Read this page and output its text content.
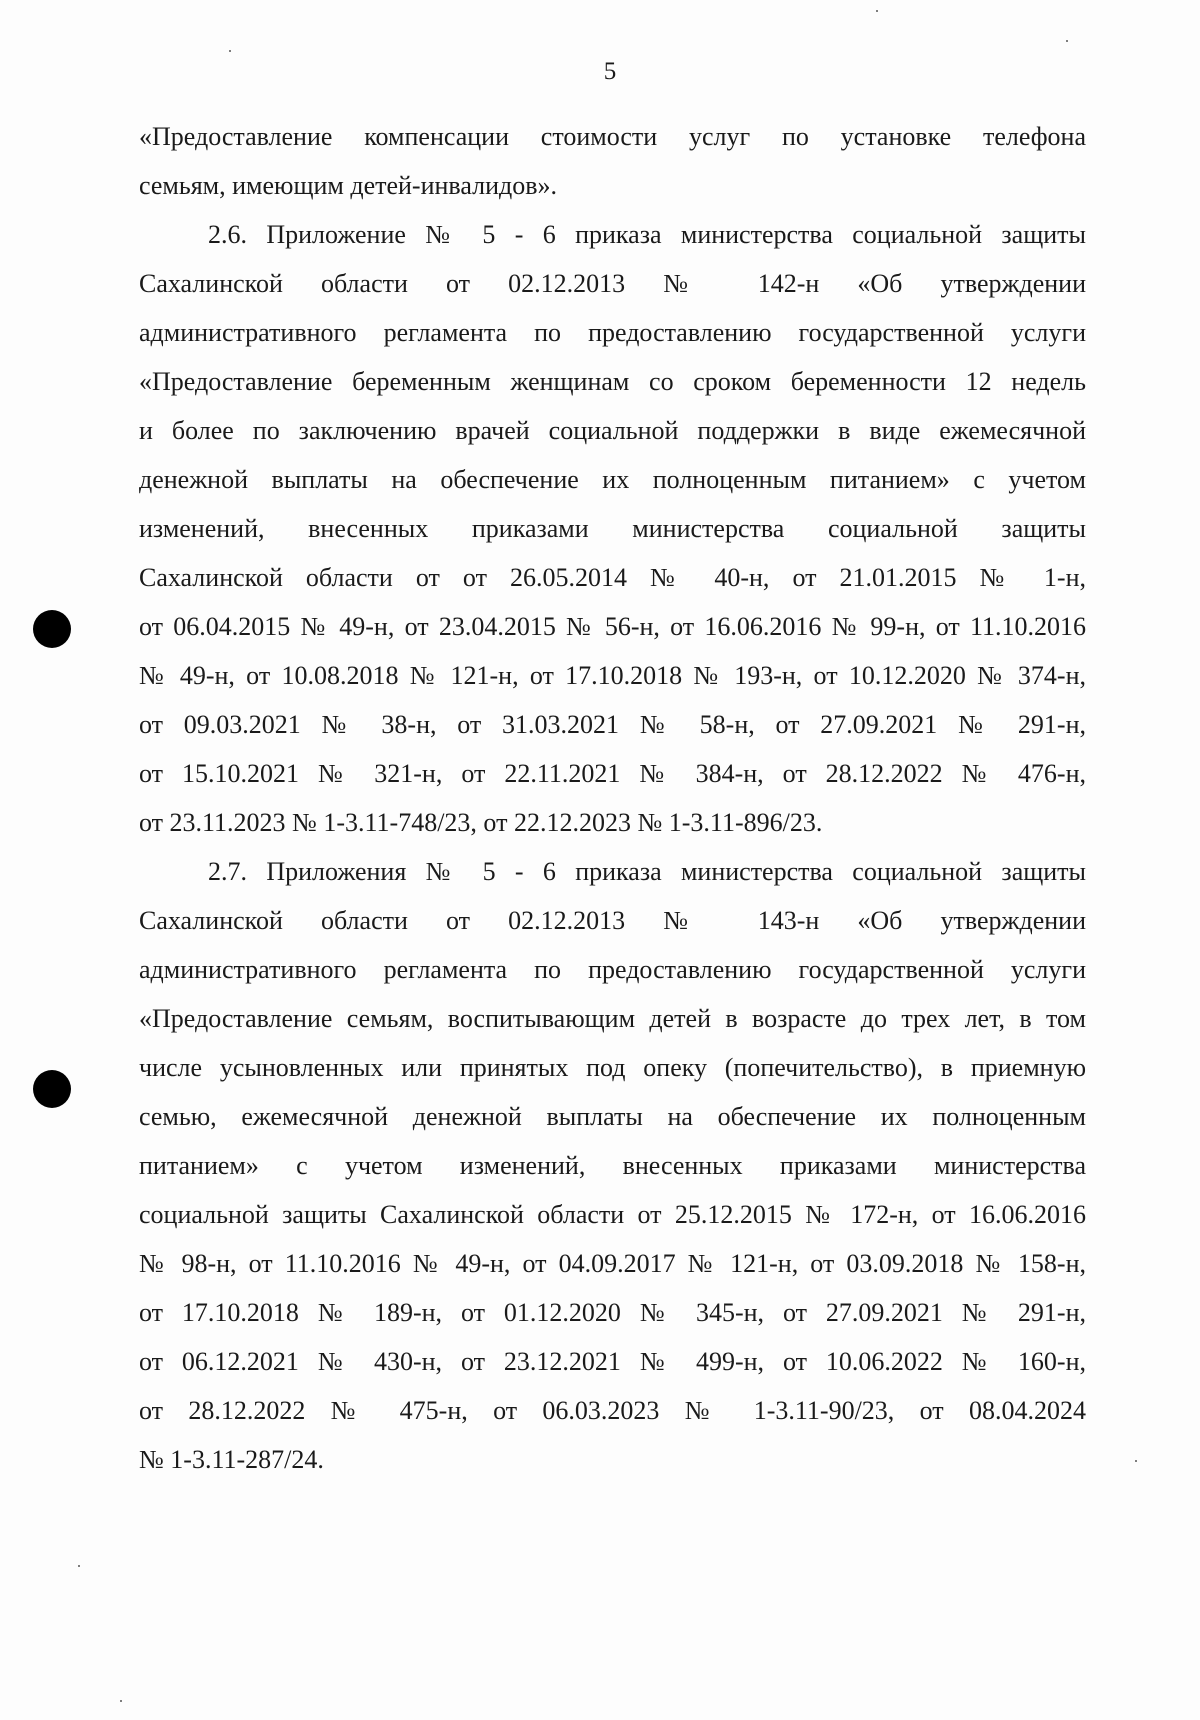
5
«Предоставление компенсации стоимости услуг по установке телефона
семьям, имеющим детей-инвалидов».
2.6. Приложение № 5 - 6 приказа министерства социальной защиты
Сахалинской области от 02.12.2013 № 142-н «Об утверждении
административного регламента по предоставлению государственной услуги
«Предоставление беременным женщинам со сроком беременности 12 недель
и более по заключению врачей социальной поддержки в виде ежемесячной
денежной выплаты на обеспечение их полноценным питанием» с учетом
изменений, внесенных приказами министерства социальной защиты
Сахалинской области от от 26.05.2014 № 40-н, от 21.01.2015 № 1-н,
от 06.04.2015 № 49-н, от 23.04.2015 № 56-н, от 16.06.2016 № 99-н, от 11.10.2016
№ 49-н, от 10.08.2018 № 121-н, от 17.10.2018 № 193-н, от 10.12.2020 № 374-н,
от 09.03.2021 № 38-н, от 31.03.2021 № 58-н, от 27.09.2021 № 291-н,
от 15.10.2021 № 321-н, от 22.11.2021 № 384-н, от 28.12.2022 № 476-н,
от 23.11.2023 № 1-3.11-748/23, от 22.12.2023 № 1-3.11-896/23.
2.7. Приложения № 5 - 6 приказа министерства социальной защиты
Сахалинской области от 02.12.2013 № 143-н «Об утверждении
административного регламента по предоставлению государственной услуги
«Предоставление семьям, воспитывающим детей в возрасте до трех лет, в том
числе усыновленных или принятых под опеку (попечительство), в приемную
семью, ежемесячной денежной выплаты на обеспечение их полноценным
питанием» с учетом изменений, внесенных приказами министерства
социальной защиты Сахалинской области от 25.12.2015 № 172-н, от 16.06.2016
№ 98-н, от 11.10.2016 № 49-н, от 04.09.2017 № 121-н, от 03.09.2018 № 158-н,
от 17.10.2018 № 189-н, от 01.12.2020 № 345-н, от 27.09.2021 № 291-н,
от 06.12.2021 № 430-н, от 23.12.2021 № 499-н, от 10.06.2022 № 160-н,
от 28.12.2022 № 475-н, от 06.03.2023 № 1-3.11-90/23, от 08.04.2024
№ 1-3.11-287/24.
